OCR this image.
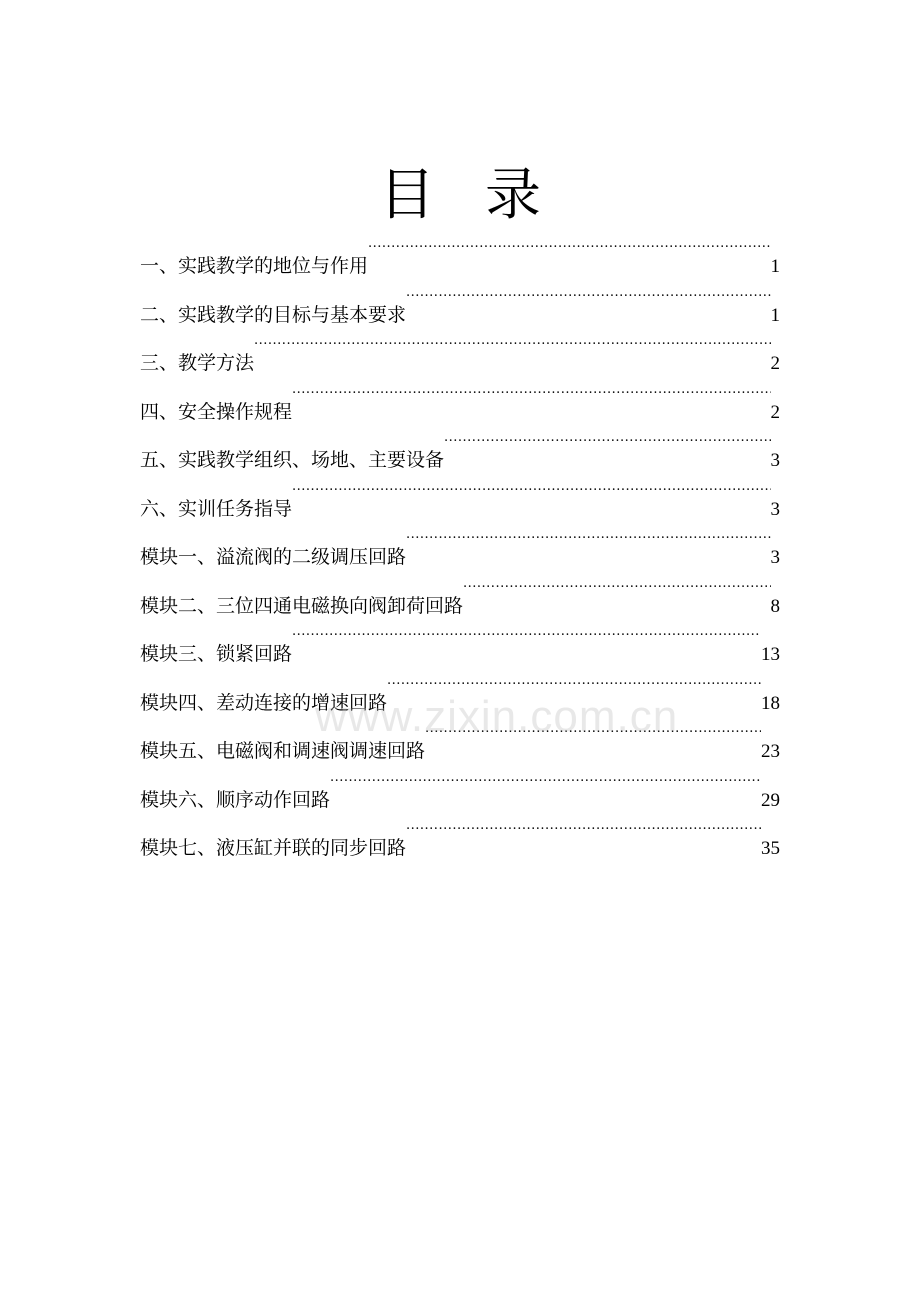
目 录
一、实践教学的地位与作用 .....	1
二、实践教学的目标与基本要求 .....	1
三、教学方法 .....	2
四、安全操作规程 .....	2
五、实践教学组织、场地、主要设备 .....	3
六、实训任务指导 .....	3
模块一、溢流阀的二级调压回路 .....	3
模块二、三位四通电磁换向阀卸荷回路 .....	8
模块三、锁紧回路 .....	13
模块四、差动连接的增速回路 .....	18
模块五、电磁阀和调速阀调速回路 .....	23
模块六、顺序动作回路 .....	29
模块七、液压缸并联的同步回路 .....	35
www.zixin.com.cn
